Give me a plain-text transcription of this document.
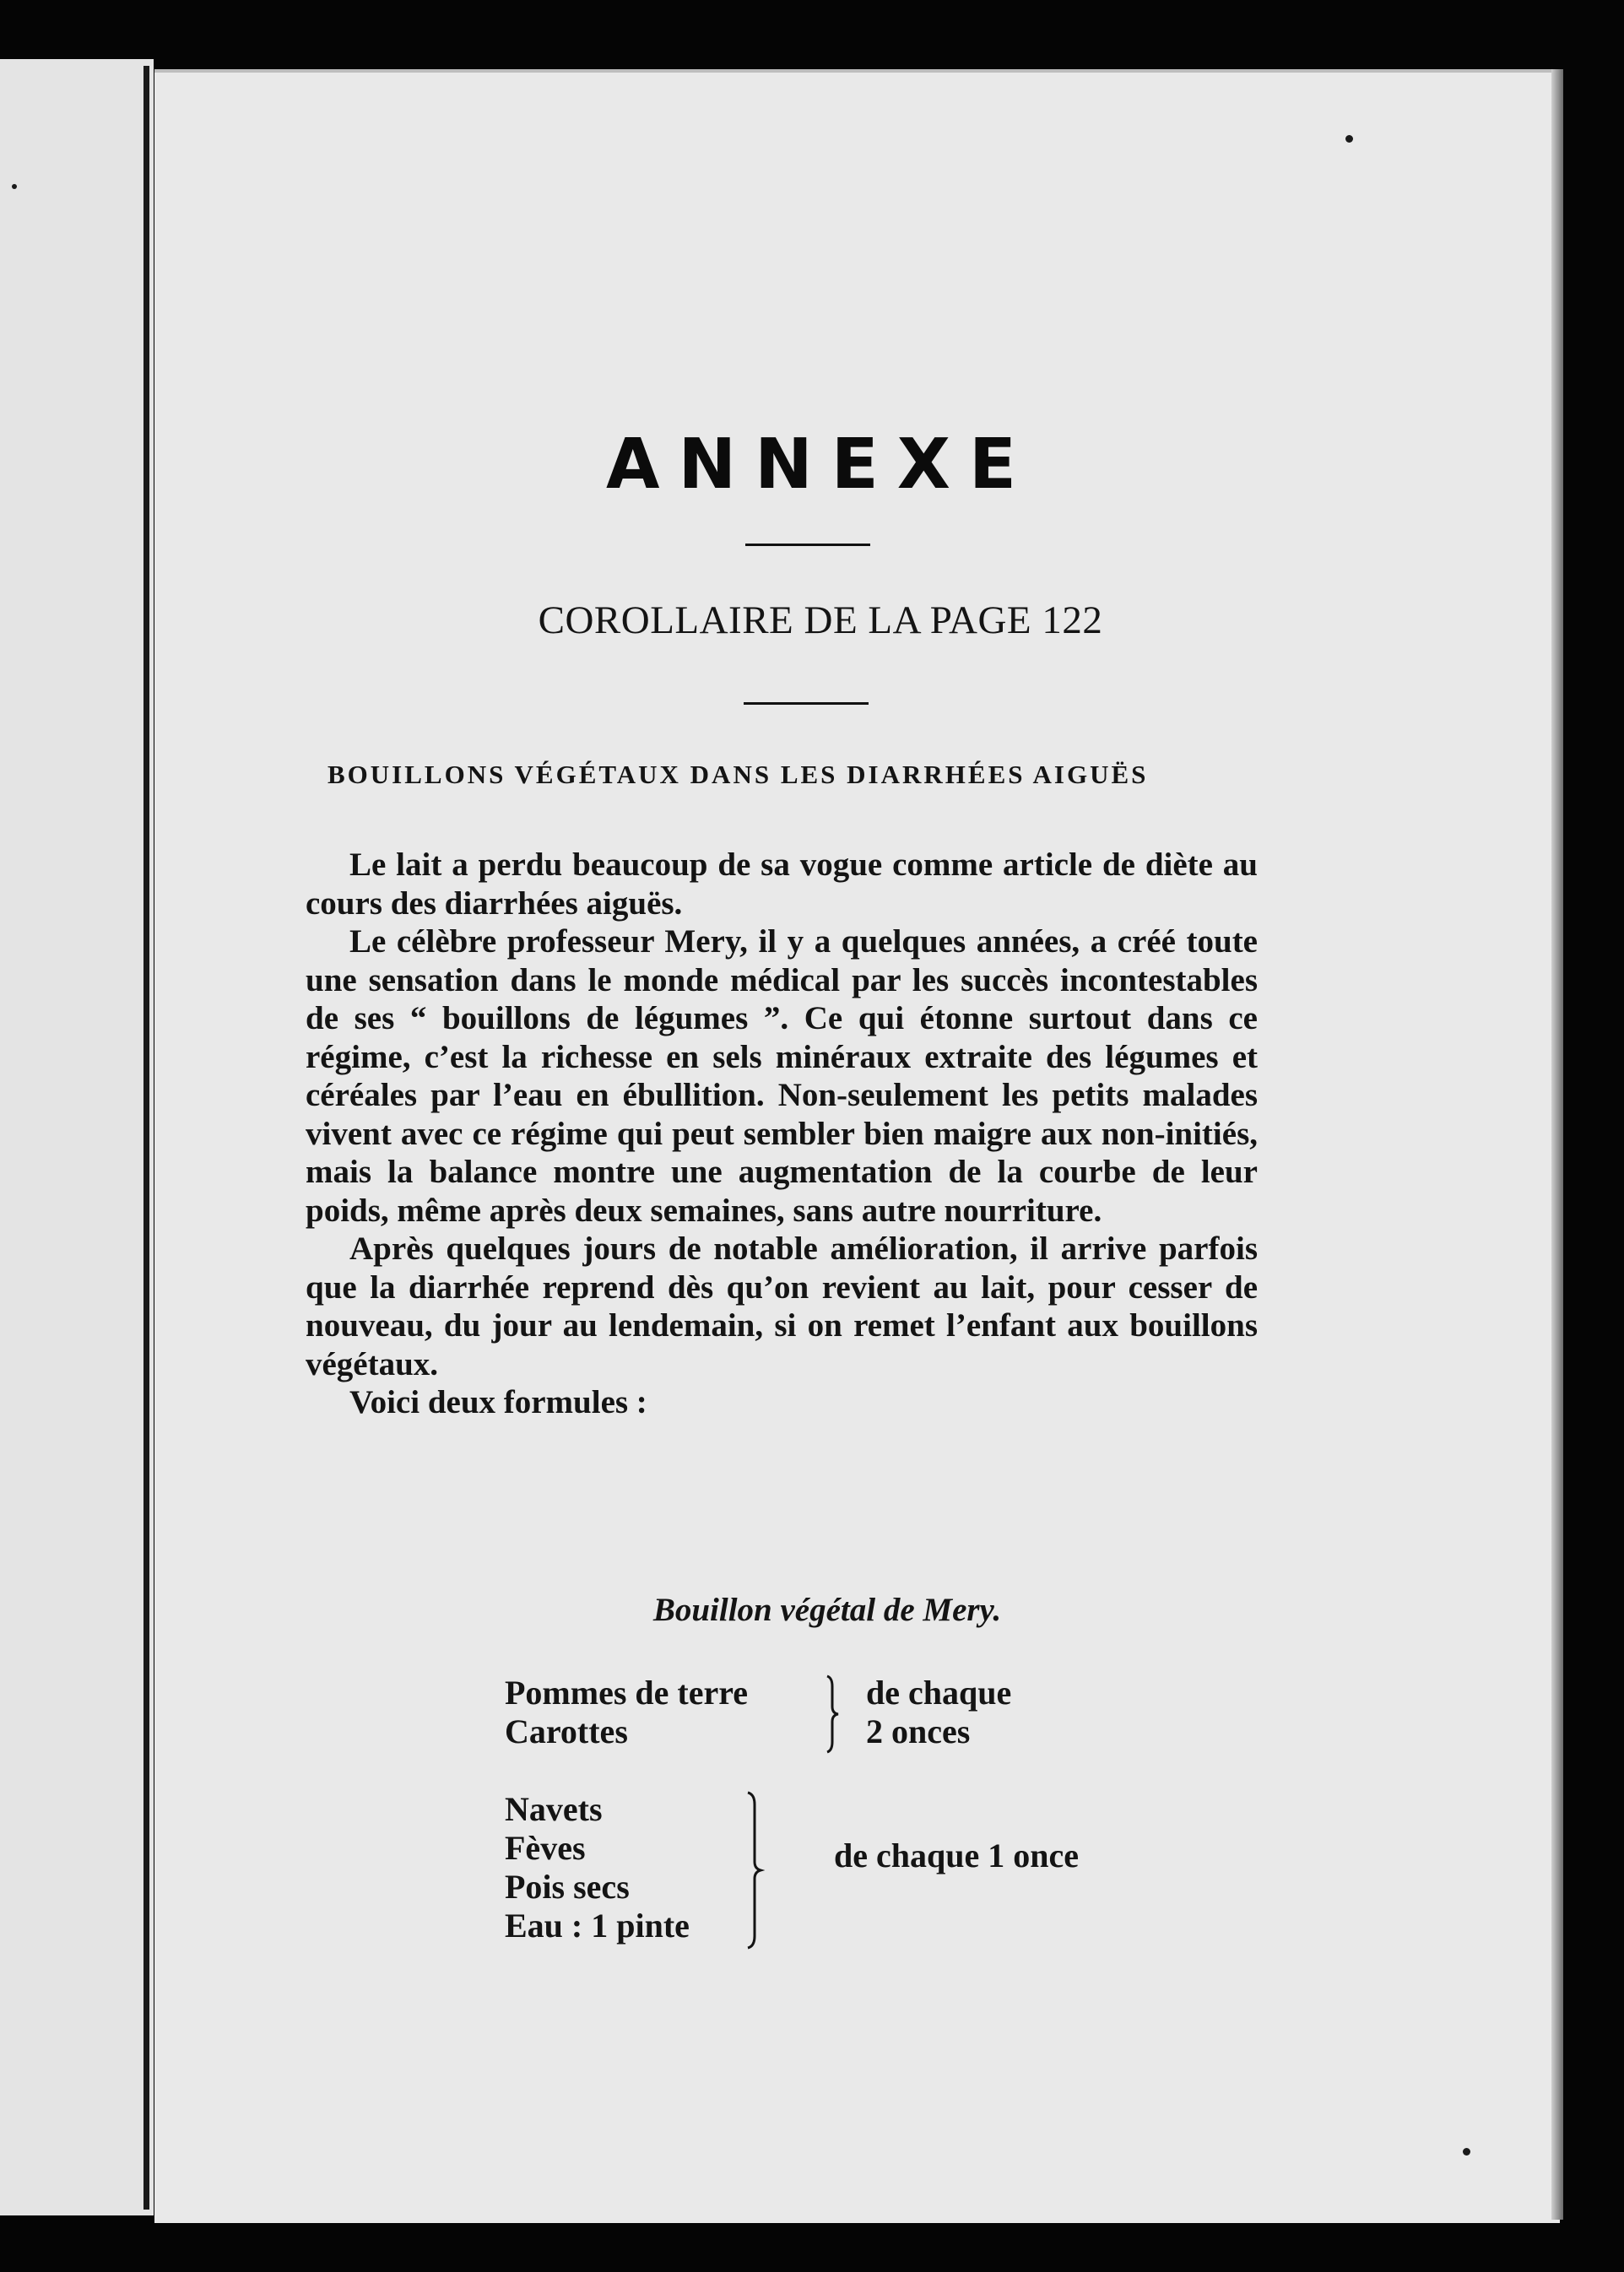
ANNEXE
COROLLAIRE DE LA PAGE 122
BOUILLONS VÉGÉTAUX DANS LES DIARRHÉES AIGUËS

Le lait a perdu beaucoup de sa vogue comme article de diète au cours des diarrhées aiguës.

Le célèbre professeur Mery, il y a quelques années, a créé toute une sensation dans le monde médical par les succès incontestables de ses “ bouillons de légumes ”. Ce qui étonne surtout dans ce régime, c’est la richesse en sels minéraux extraite des légumes et céréales par l’eau en ébullition. Non-seulement les petits malades vivent avec ce régime qui peut sembler bien maigre aux non-initiés, mais la balance montre une augmentation de la courbe de leur poids, même après deux semaines, sans autre nourriture.

Après quelques jours de notable amélioration, il arrive parfois que la diarrhée reprend dès qu’on revient au lait, pour cesser de nouveau, du jour au lendemain, si on remet l’enfant aux bouillons végétaux.

Voici deux formules :

Bouillon végétal de Mery.
Pommes de terre
Carottes
de chaque
2 onces
Navets
Fèves
Pois secs
Eau : 1 pinte
de chaque 1 once
